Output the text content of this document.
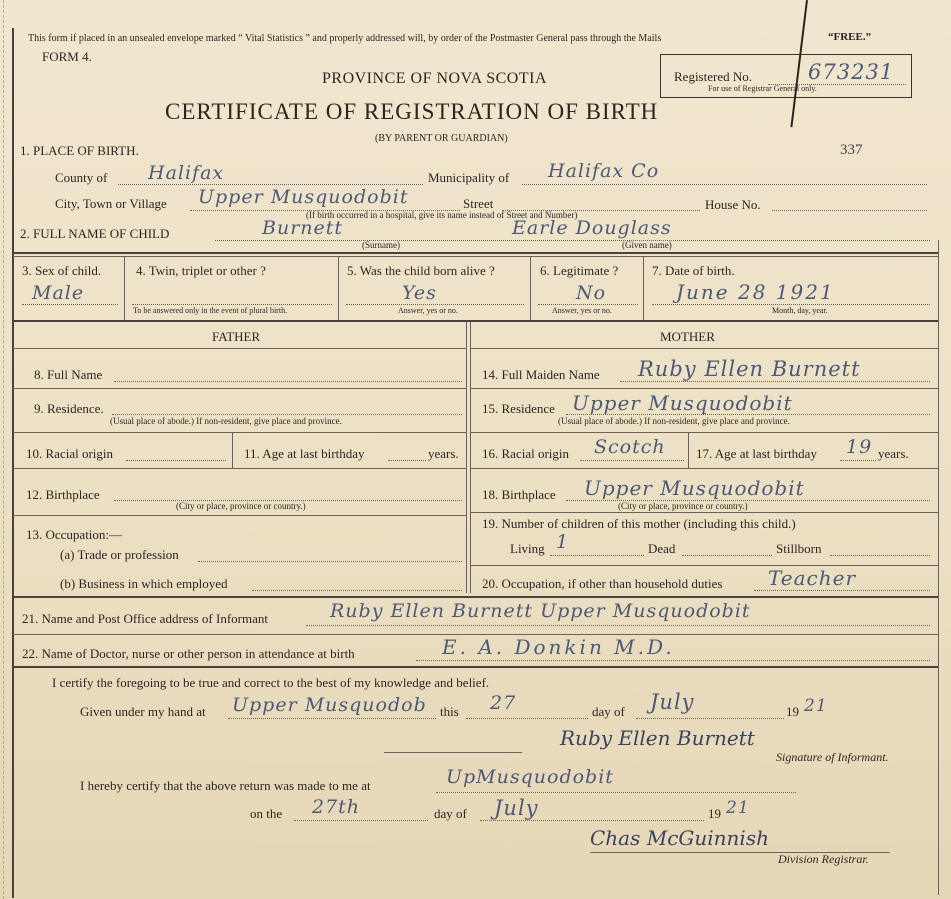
This form if placed in an unsealed envelope marked “ Vital Statistics ” and properly addressed will, by order of the Postmaster General pass through the Mails	“FREE.”
FORM 4.
PROVINCE OF NOVA SCOTIA
CERTIFICATE OF REGISTRATION OF BIRTH
(BY PARENT OR GUARDIAN)
Registered No.	673231
For use of Registrar General only.
337
1. PLACE OF BIRTH.
County of Halifax	Municipality of Halifax Co
City, Town or Village Upper Musquodobit	Street	House No.
(If birth occurred in a hospital, give its name instead of Street and Number)
2. FULL NAME OF CHILD	Burnett	Earle Douglass
(Surname)	(Given name)
3. Sex of child.
Male
4. Twin, triplet or other ?
To be answered only in the event of plural birth.
5. Was the child born alive ?
Yes
Answer, yes or no.
6. Legitimate ?
No
Answer, yes or no.
7. Date of birth.
June 28 1921
Month, day, year.
FATHER	MOTHER
8. Full Name
9. Residence.
(Usual place of abode.) If non-resident, give place and province.
10. Racial origin	11. Age at last birthday	years.
12. Birthplace
(City or place, province or country.)
13. Occupation:—
(a) Trade or profession
(b) Business in which employed
14. Full Maiden Name Ruby Ellen Burnett
15. Residence Upper Musquodobit
(Usual place of abode.) If non-resident, give place and province.
16. Racial origin Scotch 17. Age at last birthday 19 years.
18. Birthplace Upper Musquodobit
(City or place, province or country.)
19. Number of children of this mother (including this child.)
Living 1	Dead	Stillborn
20. Occupation, if other than household duties Teacher
21. Name and Post Office address of Informant	Ruby Ellen Burnett Upper Musquodobit
22. Name of Doctor, nurse or other person in attendance at birth	E. A. Donkin M.D.
I certify the foregoing to be true and correct to the best of my knowledge and belief.
Given under my hand at Upper Musquodob this 27	day of July	19 21
Ruby Ellen Burnett
Signature of Informant.
I hereby certify that the above return was made to me at	UpMusquodobit
on the 27th	day of July	19 21
Chas McGuinnish
Division Registrar.
